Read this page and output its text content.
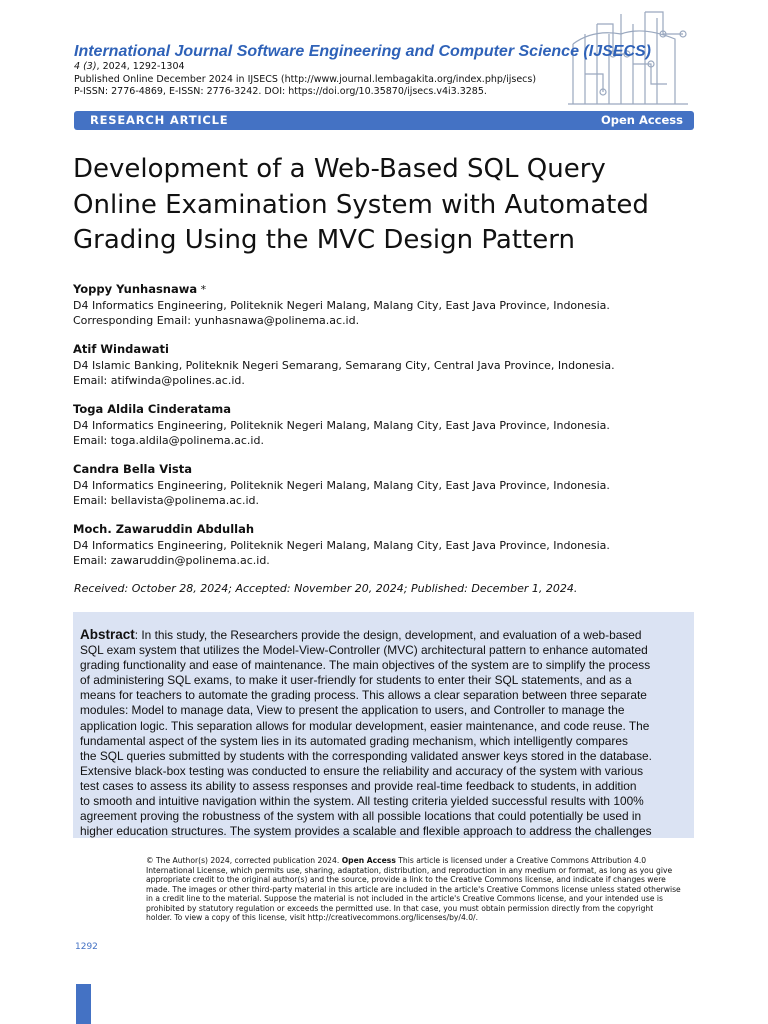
International Journal Software Engineering and Computer Science (IJSECS)
4 (3), 2024, 1292-1304
Published Online December 2024 in IJSECS (http://www.journal.lembagakita.org/index.php/ijsecs)
P-ISSN: 2776-4869, E-ISSN: 2776-3242. DOI: https://doi.org/10.35870/ijsecs.v4i3.3285.
RESEARCH ARTICLE	Open Access
Development of a Web-Based SQL Query
Online Examination System with Automated
Grading Using the MVC Design Pattern
Yoppy Yunhasnawa *
D4 Informatics Engineering, Politeknik Negeri Malang, Malang City, East Java Province, Indonesia.
Corresponding Email: yunhasnawa@polinema.ac.id.
Atif Windawati
D4 Islamic Banking, Politeknik Negeri Semarang, Semarang City, Central Java Province, Indonesia.
Email: atifwinda@polines.ac.id.
Toga Aldila Cinderatama
D4 Informatics Engineering, Politeknik Negeri Malang, Malang City, East Java Province, Indonesia.
Email: toga.aldila@polinema.ac.id.
Candra Bella Vista
D4 Informatics Engineering, Politeknik Negeri Malang, Malang City, East Java Province, Indonesia.
Email: bellavista@polinema.ac.id.
Moch. Zawaruddin Abdullah
D4 Informatics Engineering, Politeknik Negeri Malang, Malang City, East Java Province, Indonesia.
Email: zawaruddin@polinema.ac.id.
Received: October 28, 2024; Accepted: November 20, 2024; Published: December 1, 2024.
Abstract: In this study, the Researchers provide the design, development, and evaluation of a web-based
SQL exam system that utilizes the Model-View-Controller (MVC) architectural pattern to enhance automated
grading functionality and ease of maintenance. The main objectives of the system are to simplify the process
of administering SQL exams, to make it user-friendly for students to enter their SQL statements, and as a
means for teachers to automate the grading process. This allows a clear separation between three separate
modules: Model to manage data, View to present the application to users, and Controller to manage the
application logic. This separation allows for modular development, easier maintenance, and code reuse. The
fundamental aspect of the system lies in its automated grading mechanism, which intelligently compares
the SQL queries submitted by students with the corresponding validated answer keys stored in the database.
Extensive black-box testing was conducted to ensure the reliability and accuracy of the system with various
test cases to assess its ability to assess responses and provide real-time feedback to students, in addition
to smooth and intuitive navigation within the system. All testing criteria yielded successful results with 100%
agreement proving the robustness of the system with all possible locations that could potentially be used in
higher education structures. The system provides a scalable and flexible approach to address the challenges
© The Author(s) 2024, corrected publication 2024. Open Access This article is licensed under a Creative Commons Attribution 4.0
International License, which permits use, sharing, adaptation, distribution, and reproduction in any medium or format, as long as you give
appropriate credit to the original author(s) and the source, provide a link to the Creative Commons license, and indicate if changes were
made. The images or other third-party material in this article are included in the article's Creative Commons license unless stated otherwise
in a credit line to the material. Suppose the material is not included in the article's Creative Commons license, and your intended use is
prohibited by statutory regulation or exceeds the permitted use. In that case, you must obtain permission directly from the copyright
holder. To view a copy of this license, visit http://creativecommons.org/licenses/by/4.0/.
1292
